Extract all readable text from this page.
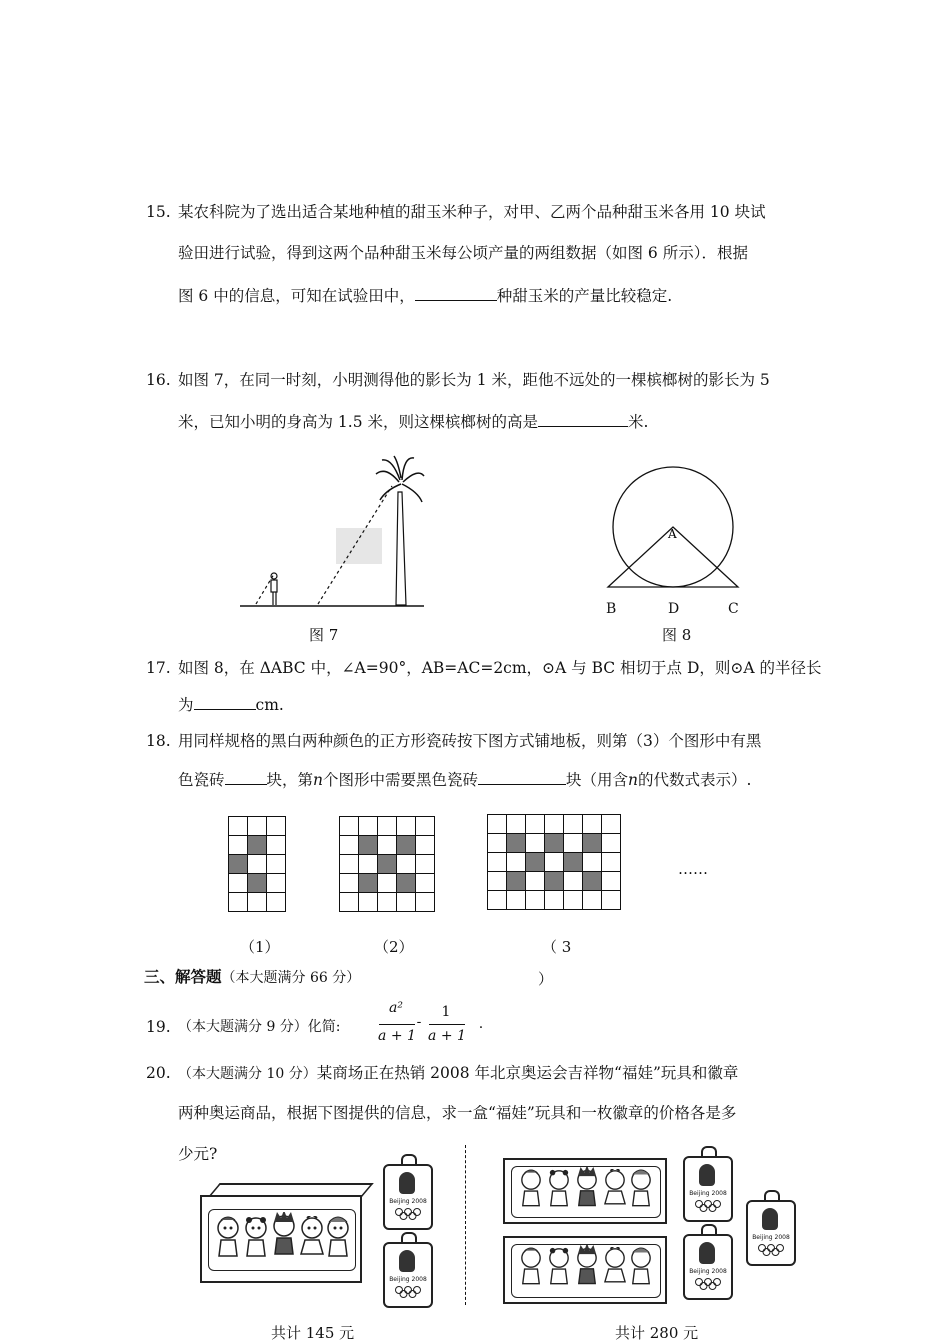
15. 某农科院为了选出适合某地种植的甜玉米种子，对甲、乙两个品种甜玉米各用 10 块试
验田进行试验，得到这两个品种甜玉米每公顷产量的两组数据（如图 6 所示）．根据
图 6 中的信息，可知在试验田中，	种甜玉米的产量比较稳定.
16. 如图 7，在同一时刻，小明测得他的影长为 1 米，距他不远处的一棵槟榔树的影长为 5
米，已知小明的身高为 1.5 米，则这棵槟榔树的高是	米.
图 7
A
B	D	C
图 8
17. 如图 8，在 ΔABC 中，∠A=90°，AB=AC=2cm，⊙A 与 BC 相切于点 D，则⊙A 的半径长
为	cm.
18. 用同样规格的黑白两种颜色的正方形瓷砖按下图方式铺地板，则第（3）个图形中有黑
色瓷砖	块，第n个图形中需要黑色瓷砖	块（用含n的代数式表示）.
……
（1）	（2）	（ 3
三、解答题（本大题满分 66 分）	）
19. （本大题满分 9 分）化简:
a²
a + 1
-
1
a + 1
.
20. （本大题满分 10 分）某商场正在热销 2008 年北京奥运会吉祥物“福娃”玩具和徽章
两种奥运商品，根据下图提供的信息，求一盒“福娃”玩具和一枚徽章的价格各是多
少元?
Beijing 2008
Beijing 2008
共计 145 元
Beijing 2008
Beijing 2008
Beijing 2008
共计 280 元
